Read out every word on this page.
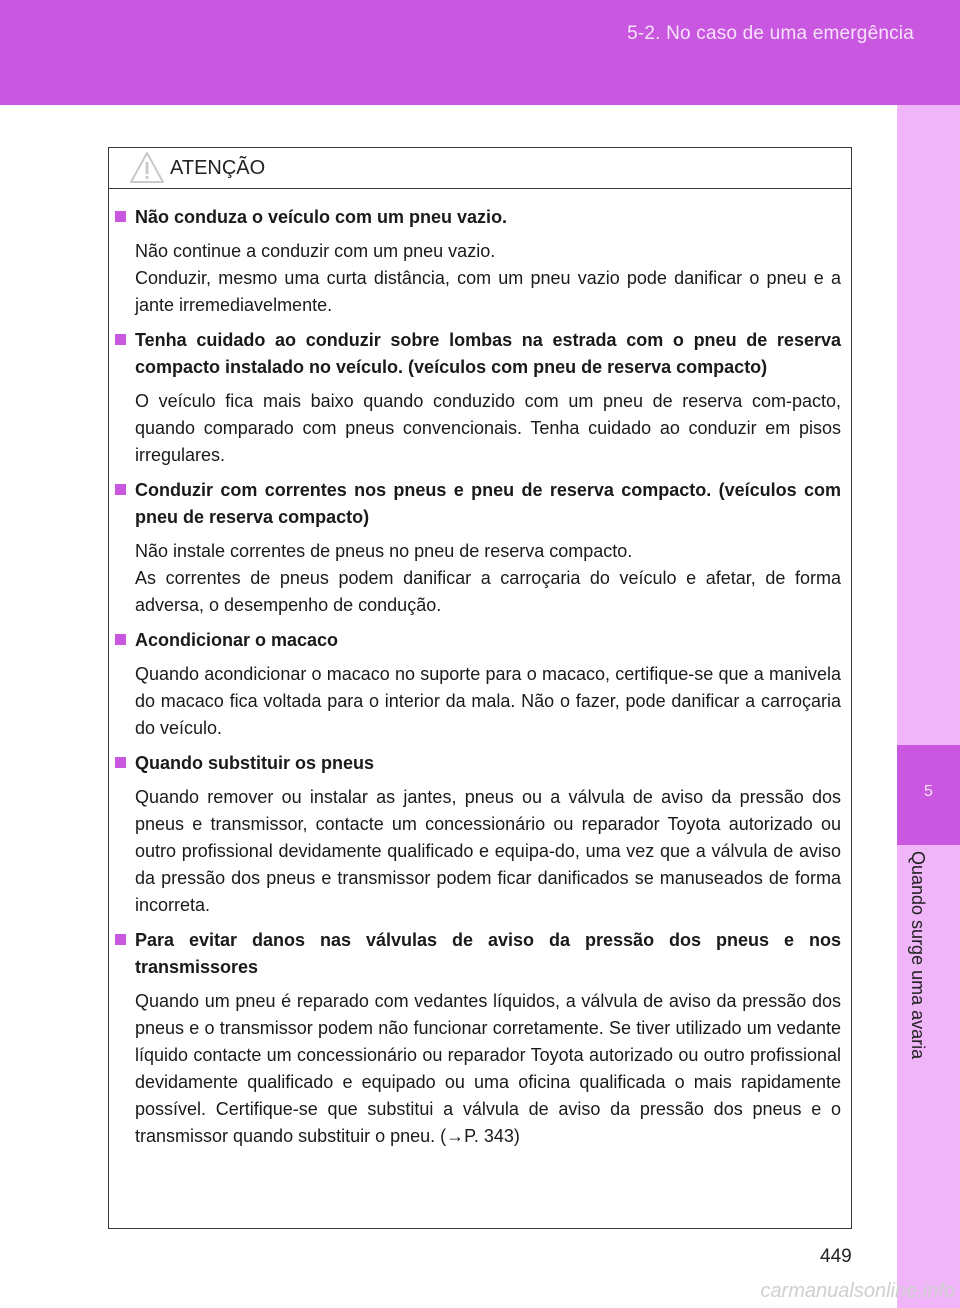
5-2. No caso de uma emergência
5
Quando surge uma avaria
ATENÇÃO
Não conduza o veículo com um pneu vazio.

Não continue a conduzir com um pneu vazio.

Conduzir, mesmo uma curta distância, com um pneu vazio pode danificar o pneu e a jante irremediavelmente.

Tenha cuidado ao conduzir sobre lombas na estrada com o pneu de reserva compacto instalado no veículo. (veículos com pneu de reserva compacto)

O veículo fica mais baixo quando conduzido com um pneu de reserva com-pacto, quando comparado com pneus convencionais. Tenha cuidado ao conduzir em pisos irregulares.

Conduzir com correntes nos pneus e pneu de reserva compacto. (veículos com pneu de reserva compacto)

Não instale correntes de pneus no pneu de reserva compacto.

As correntes de pneus podem danificar a carroçaria do veículo e afetar, de forma adversa, o desempenho de condução.

Acondicionar o macaco

Quando acondicionar o macaco no suporte para o macaco, certifique-se que a manivela do macaco fica voltada para o interior da mala. Não o fazer, pode danificar a carroçaria do veículo.

Quando substituir os pneus

Quando remover ou instalar as jantes, pneus ou a válvula de aviso da pressão dos pneus e transmissor, contacte um concessionário ou reparador Toyota autorizado ou outro profissional devidamente qualificado e equipa-do, uma vez que a válvula de aviso da pressão dos pneus e transmissor podem ficar danificados se manuseados de forma incorreta.

Para evitar danos nas válvulas de aviso da pressão dos pneus e nos transmissores

Quando um pneu é reparado com vedantes líquidos, a válvula de aviso da pressão dos pneus e o transmissor podem não funcionar corretamente. Se tiver utilizado um vedante líquido contacte um concessionário ou reparador Toyota autorizado ou outro profissional devidamente qualificado e equipado ou uma oficina qualificada o mais rapidamente possível. Certifique-se que substitui a válvula de aviso da pressão dos pneus e o transmissor quando substituir o pneu. (→P. 343)

449
carmanualsonline.info
